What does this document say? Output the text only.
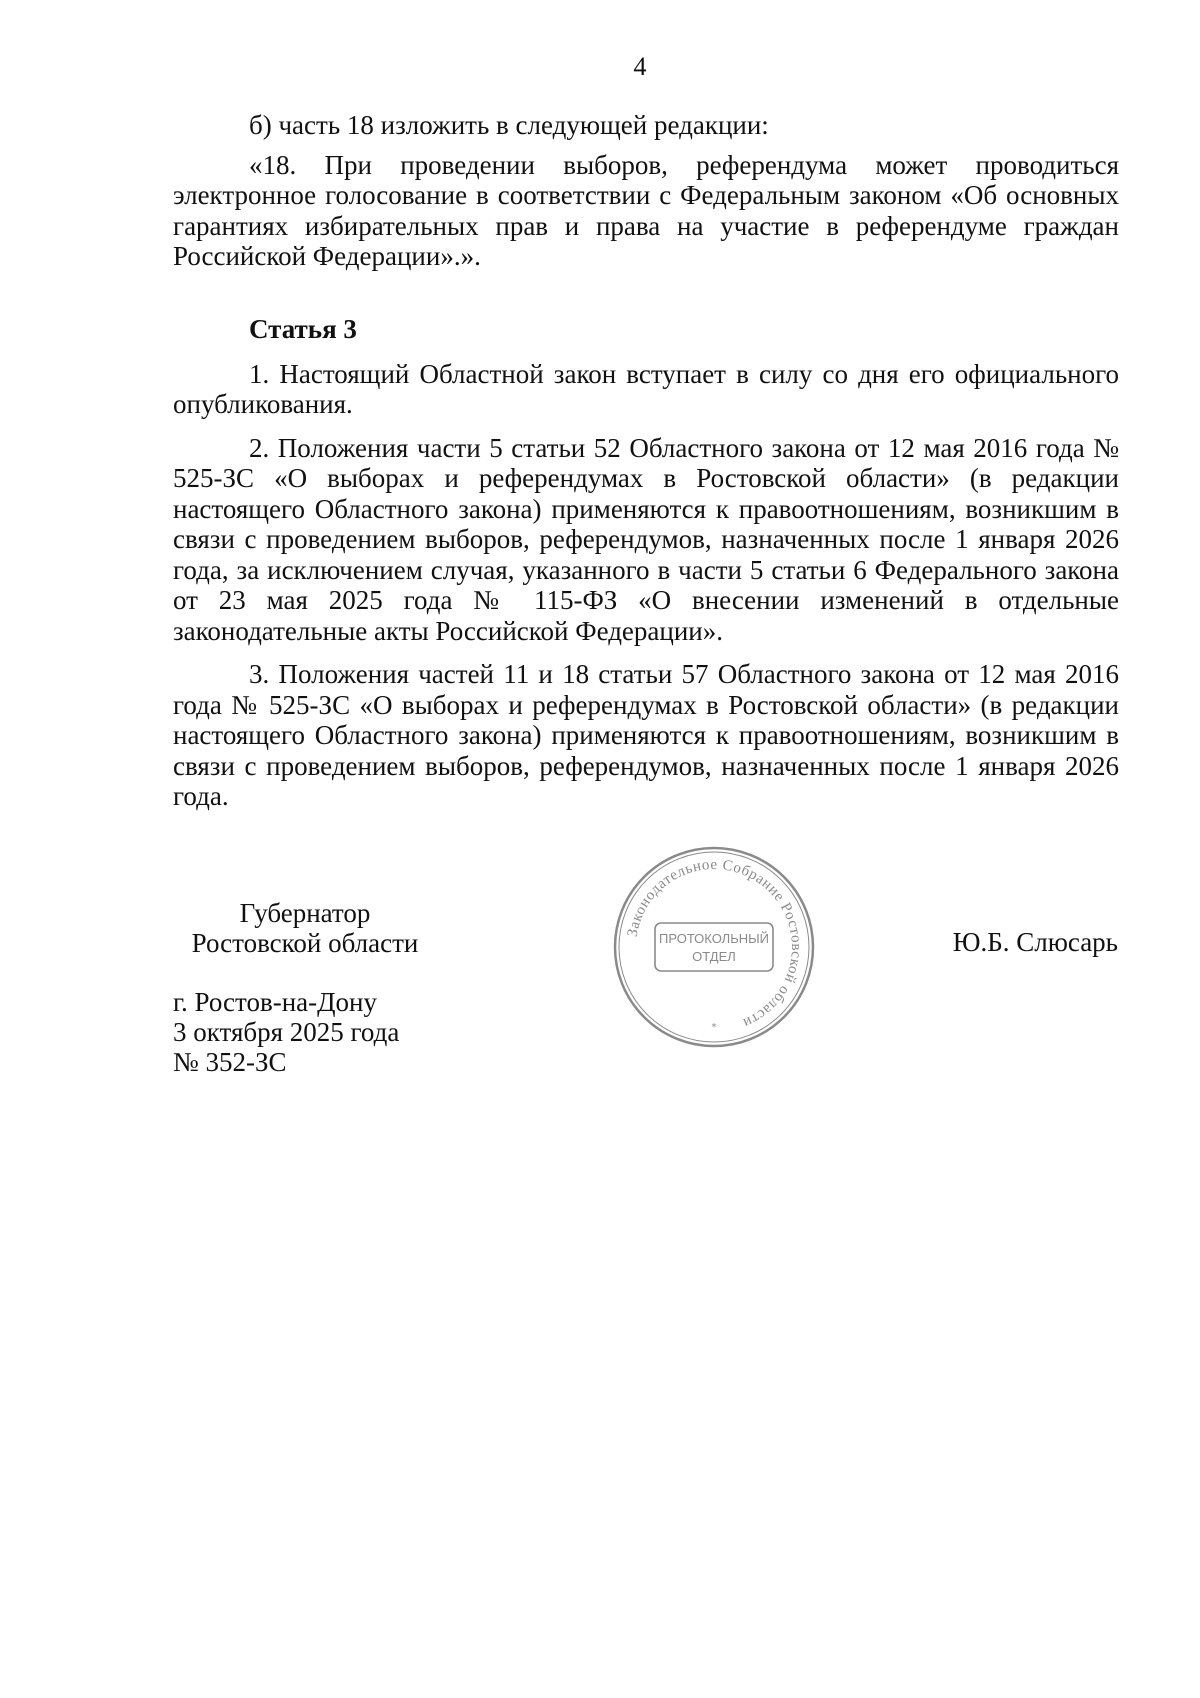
4

б) часть 18 изложить в следующей редакции:

«18. При проведении выборов, референдума может проводиться электронное голосование в соответствии с Федеральным законом «Об основных гарантиях избирательных прав и права на участие в референдуме граждан Российской Федерации».».

Статья 3

1. Настоящий Областной закон вступает в силу со дня его официального опубликования.

2. Положения части 5 статьи 52 Областного закона от 12 мая 2016 года № 525-ЗС «О выборах и референдумах в Ростовской области» (в редакции настоящего Областного закона) применяются к правоотношениям, возникшим в связи с проведением выборов, референдумов, назначенных после 1 января 2026 года, за исключением случая, указанного в части 5 статьи 6 Федерального закона от 23 мая 2025 года № 115-ФЗ «О внесении изменений в отдельные законодательные акты Российской Федерации».

3. Положения частей 11 и 18 статьи 57 Областного закона от 12 мая 2016 года № 525-ЗС «О выборах и референдумах в Ростовской области» (в редакции настоящего Областного закона) применяются к правоотношениям, возникшим в связи с проведением выборов, референдумов, назначенных после 1 января 2026 года.

Губернатор
Ростовской области	Ю.Б. Слюсарь
Законодательное Собрание Ростовской области
ПРОТОКОЛЬНЫЙ
ОТДЕЛ
*
г. Ростов-на-Дону
3 октября 2025 года
№ 352-ЗС
